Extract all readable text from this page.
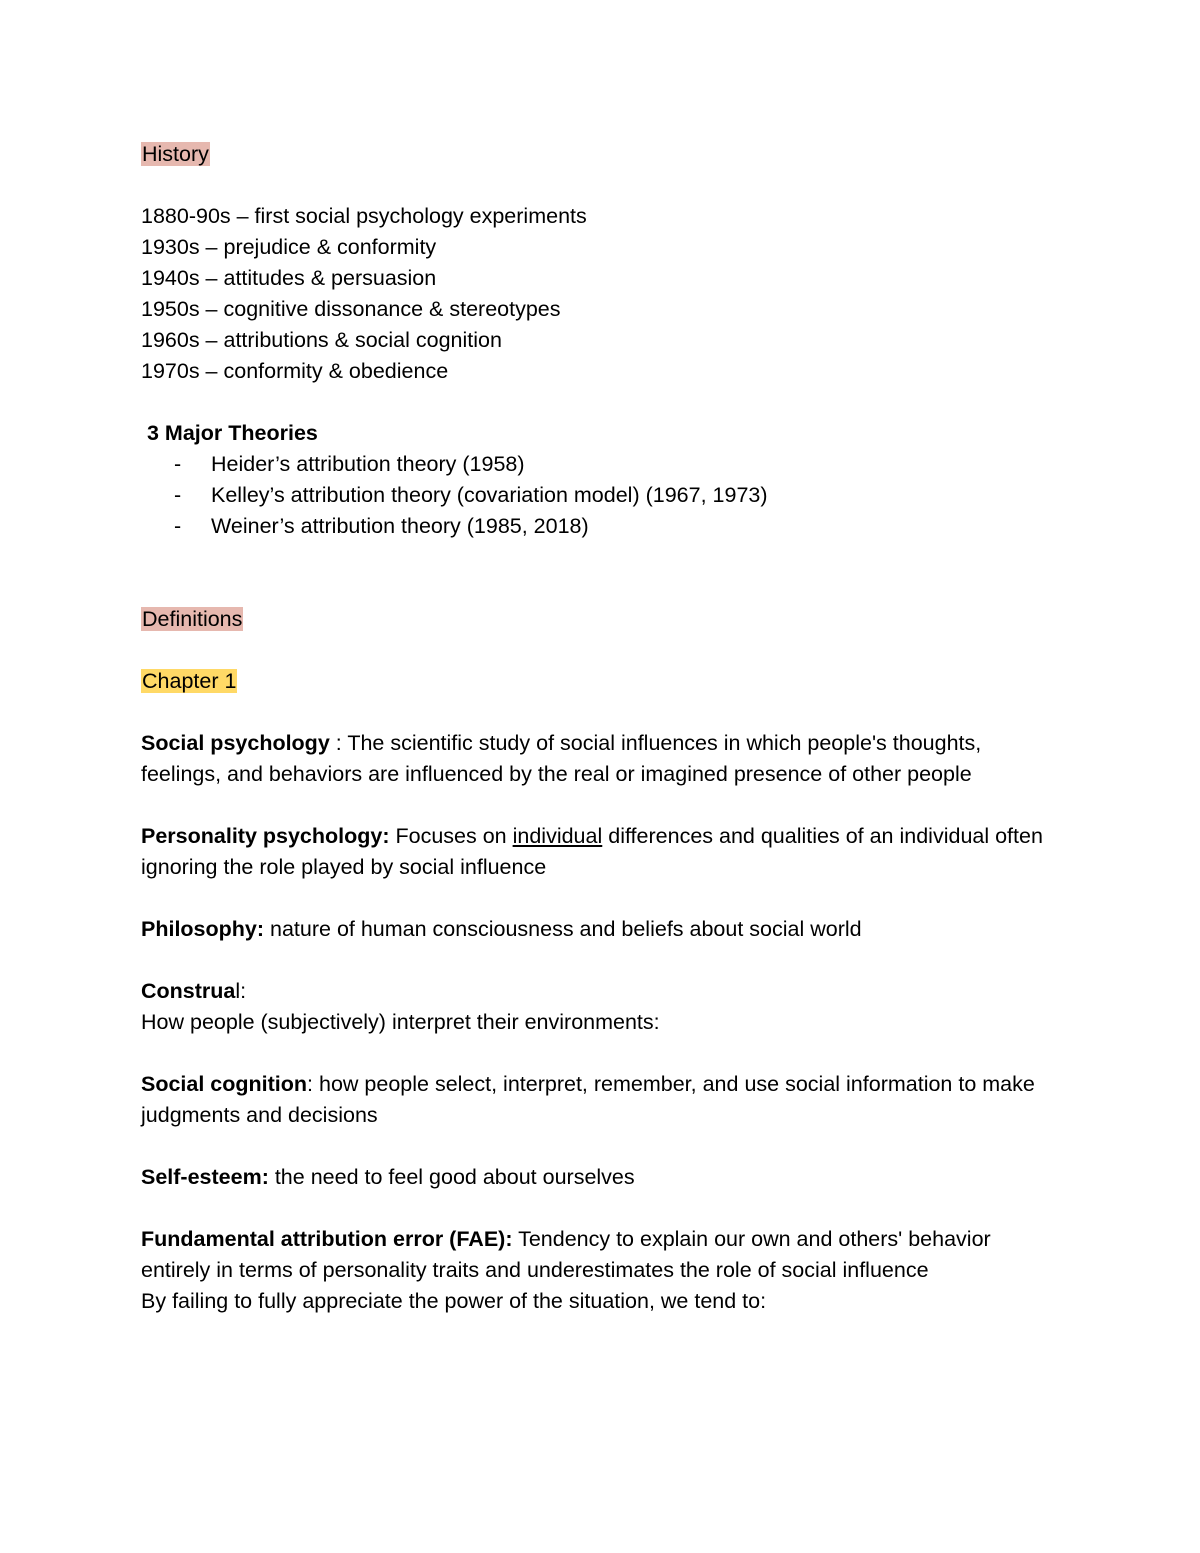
History
1880-90s – first social psychology experiments
1930s – prejudice & conformity
1940s – attitudes & persuasion
1950s – cognitive dissonance & stereotypes
1960s – attributions & social cognition
1970s – conformity & obedience
3 Major Theories
- Heider’s attribution theory (1958)
- Kelley’s attribution theory (covariation model) (1967, 1973)
- Weiner’s attribution theory (1985, 2018)
Definitions
Chapter 1
Social psychology : The scientific study of social influences in which people's thoughts, feelings, and behaviors are influenced by the real or imagined presence of other people
Personality psychology: Focuses on individual differences and qualities of an individual often ignoring the role played by social influence
Philosophy: nature of human consciousness and beliefs about social world
Construal:
How people (subjectively) interpret their environments:
Social cognition: how people select, interpret, remember, and use social information to make judgments and decisions
Self-esteem: the need to feel good about ourselves
Fundamental attribution error (FAE): Tendency to explain our own and others' behavior entirely in terms of personality traits and underestimates the role of social influence
By failing to fully appreciate the power of the situation, we tend to:
